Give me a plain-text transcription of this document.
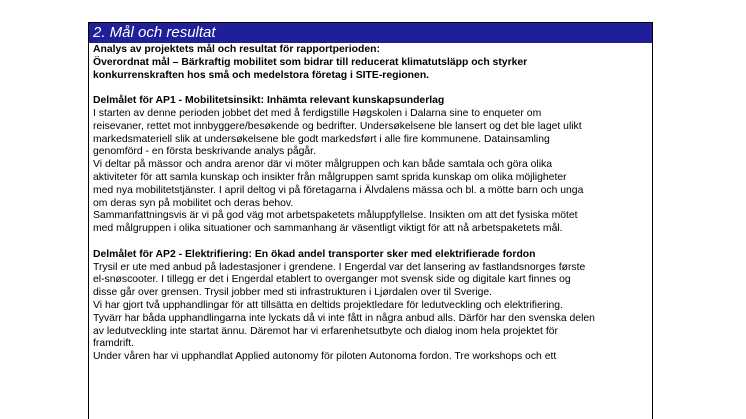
2. Mål och resultat

Analys av projektets mål och resultat för rapportperioden:

Överordnat mål – Bärkraftig mobilitet som bidrar till reducerat klimatutsläpp och styrker

konkurrenskraften hos små och medelstora företag i SITE-regionen.

Delmålet för AP1 - Mobilitetsinsikt: Inhämta relevant kunskapsunderlag

I starten av denne perioden jobbet det med å ferdigstille Høgskolen i Dalarna sine to enqueter om

reisevaner, rettet mot innbyggere/besøkende og bedrifter. Undersøkelsene ble lansert og det ble laget ulikt

markedsmateriell slik at undersøkelsene ble godt markedsført i alle fire kommunene. Datainsamling

genomförd - en första beskrivande analys pågår.

Vi deltar på mässor och andra arenor där vi möter målgruppen och kan både samtala och göra olika

aktiviteter för att samla kunskap och insikter från målgruppen samt sprida kunskap om olika möjligheter

med nya mobilitetstjänster. I april deltog vi på företagarna i Älvdalens mässa och bl. a mötte barn och unga

om deras syn på mobilitet och deras behov.

Sammanfattningsvis är vi på god väg mot arbetspaketets måluppfyllelse. Insikten om att det fysiska mötet

med målgruppen i olika situationer och sammanhang är väsentligt viktigt för att nå arbetspaketets mål.

Delmålet för AP2 - Elektrifiering: En ökad andel transporter sker med elektrifierade fordon

Trysil er ute med anbud på ladestasjoner i grendene. I Engerdal var det lansering av fastlandsnorges første

el-snøscooter. I tillegg er det i Engerdal etablert to overganger mot svensk side og digitale kart finnes og

disse går over grensen. Trysil jobber med sti infrastrukturen i Ljørdalen over til Sverige.

Vi har gjort två upphandlingar för att tillsätta en deltids projektledare för ledutveckling och elektrifiering.

Tyvärr har båda upphandlingarna inte lyckats då vi inte fått in några anbud alls. Därför har den svenska delen

av ledutveckling inte startat ännu. Däremot har vi erfarenhetsutbyte och dialog inom hela projektet för

framdrift.

Under våren har vi upphandlat Applied autonomy för piloten Autonoma fordon. Tre workshops och ett
